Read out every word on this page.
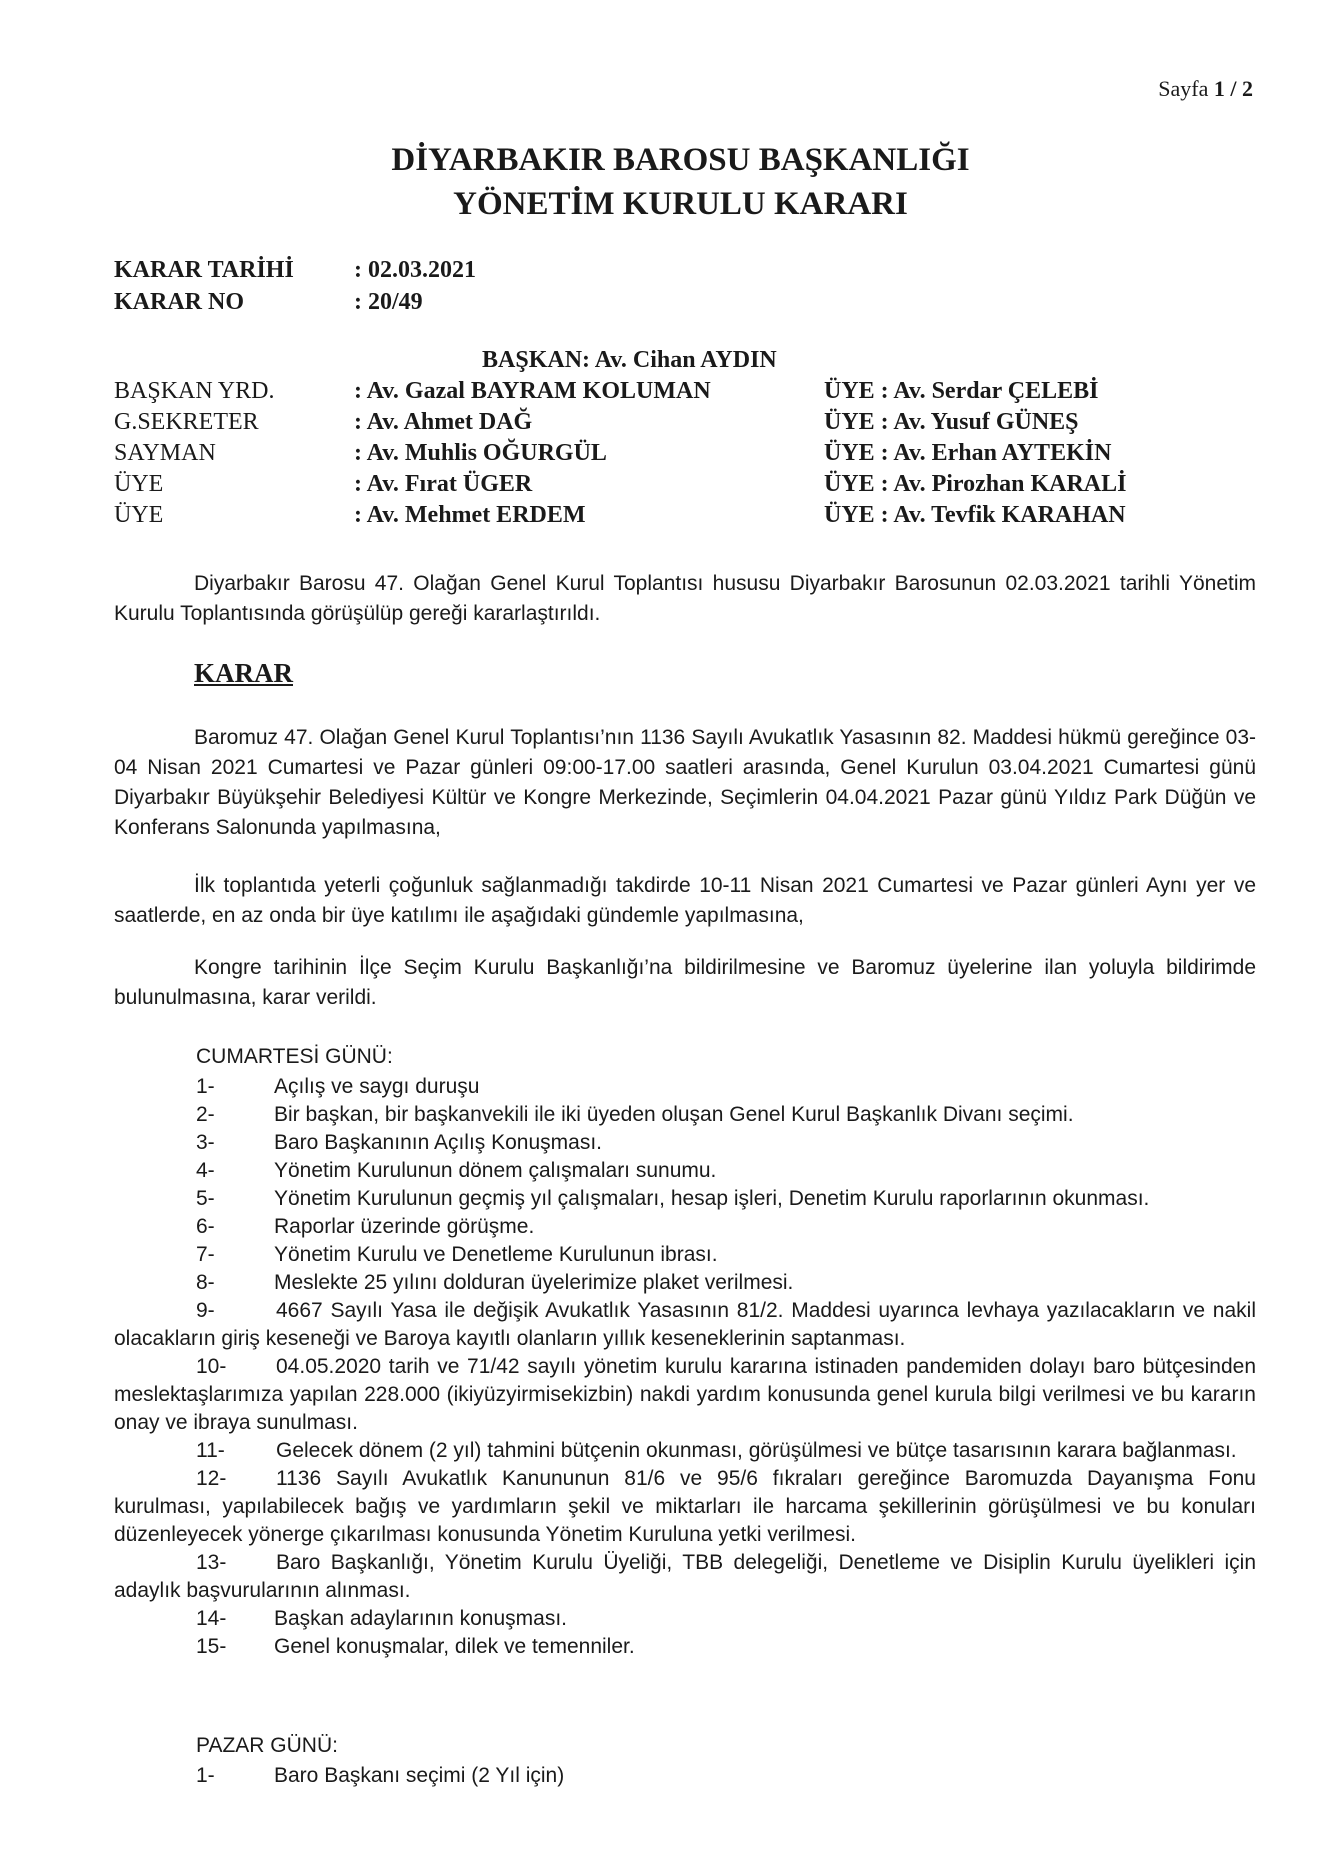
Sayfa 1 / 2
DİYARBAKIR BAROSU BAŞKANLIĞI
YÖNETİM KURULU KARARI
KARAR TARİHİ	: 02.03.2021
KARAR NO	: 20/49
BAŞKAN: Av. Cihan AYDIN
BAŞKAN YRD.	: Av. Gazal BAYRAM KOLUMAN	ÜYE : Av. Serdar ÇELEBİ
G.SEKRETER	: Av. Ahmet DAĞ	ÜYE : Av. Yusuf GÜNEŞ
SAYMAN	: Av. Muhlis OĞURGÜL	ÜYE : Av. Erhan AYTEKİN
ÜYE	: Av. Fırat ÜGER	ÜYE : Av. Pirozhan KARALİ
ÜYE	: Av. Mehmet ERDEM	ÜYE : Av. Tevfik KARAHAN
Diyarbakır Barosu 47. Olağan Genel Kurul Toplantısı hususu Diyarbakır Barosunun 02.03.2021 tarihli Yönetim Kurulu Toplantısında görüşülüp gereği kararlaştırıldı.
KARAR
Baromuz 47. Olağan Genel Kurul Toplantısı’nın 1136 Sayılı Avukatlık Yasasının 82. Maddesi hükmü gereğince 03-04 Nisan 2021 Cumartesi ve Pazar günleri 09:00-17.00 saatleri arasında, Genel Kurulun 03.04.2021 Cumartesi günü Diyarbakır Büyükşehir Belediyesi Kültür ve Kongre Merkezinde, Seçimlerin 04.04.2021 Pazar günü Yıldız Park Düğün ve Konferans Salonunda yapılmasına,
İlk toplantıda yeterli çoğunluk sağlanmadığı takdirde 10-11 Nisan 2021 Cumartesi ve Pazar günleri Aynı yer ve saatlerde, en az onda bir üye katılımı ile aşağıdaki gündemle yapılmasına,
Kongre tarihinin İlçe Seçim Kurulu Başkanlığı’na bildirilmesine ve Baromuz üyelerine ilan yoluyla bildirimde bulunulmasına, karar verildi.
CUMARTESİ GÜNÜ:
1-	Açılış ve saygı duruşu
2-	Bir başkan, bir başkanvekili ile iki üyeden oluşan Genel Kurul Başkanlık Divanı seçimi.
3-	Baro Başkanının Açılış Konuşması.
4-	Yönetim Kurulunun dönem çalışmaları sunumu.
5-	Yönetim Kurulunun geçmiş yıl çalışmaları, hesap işleri, Denetim Kurulu raporlarının okunması.
6-	Raporlar üzerinde görüşme.
7-	Yönetim Kurulu ve Denetleme Kurulunun ibrası.
8-	Meslekte 25 yılını dolduran üyelerimize plaket verilmesi.
9-	4667 Sayılı Yasa ile değişik Avukatlık Yasasının 81/2. Maddesi uyarınca levhaya yazılacakların ve nakil olacakların giriş keseneği ve Baroya kayıtlı olanların yıllık keseneklerinin saptanması.
10- 04.05.2020 tarih ve 71/42 sayılı yönetim kurulu kararına istinaden pandemiden dolayı baro bütçesinden meslektaşlarımıza yapılan 228.000 (ikiyüzyirmisekizbin) nakdi yardım konusunda genel kurula bilgi verilmesi ve bu kararın onay ve ibraya sunulması.
11- Gelecek dönem (2 yıl) tahmini bütçenin okunması, görüşülmesi ve bütçe tasarısının karara bağlanması.
12- 1136 Sayılı Avukatlık Kanununun 81/6 ve 95/6 fıkraları gereğince Baromuzda Dayanışma Fonu kurulması, yapılabilecek bağış ve yardımların şekil ve miktarları ile harcama şekillerinin görüşülmesi ve bu konuları düzenleyecek yönerge çıkarılması konusunda Yönetim Kuruluna yetki verilmesi.
13- Baro Başkanlığı, Yönetim Kurulu Üyeliği, TBB delegeliği, Denetleme ve Disiplin Kurulu üyelikleri için adaylık başvurularının alınması.
14-	Başkan adaylarının konuşması.
15-	Genel konuşmalar, dilek ve temenniler.
PAZAR GÜNÜ:
1-	Baro Başkanı seçimi (2 Yıl için)
